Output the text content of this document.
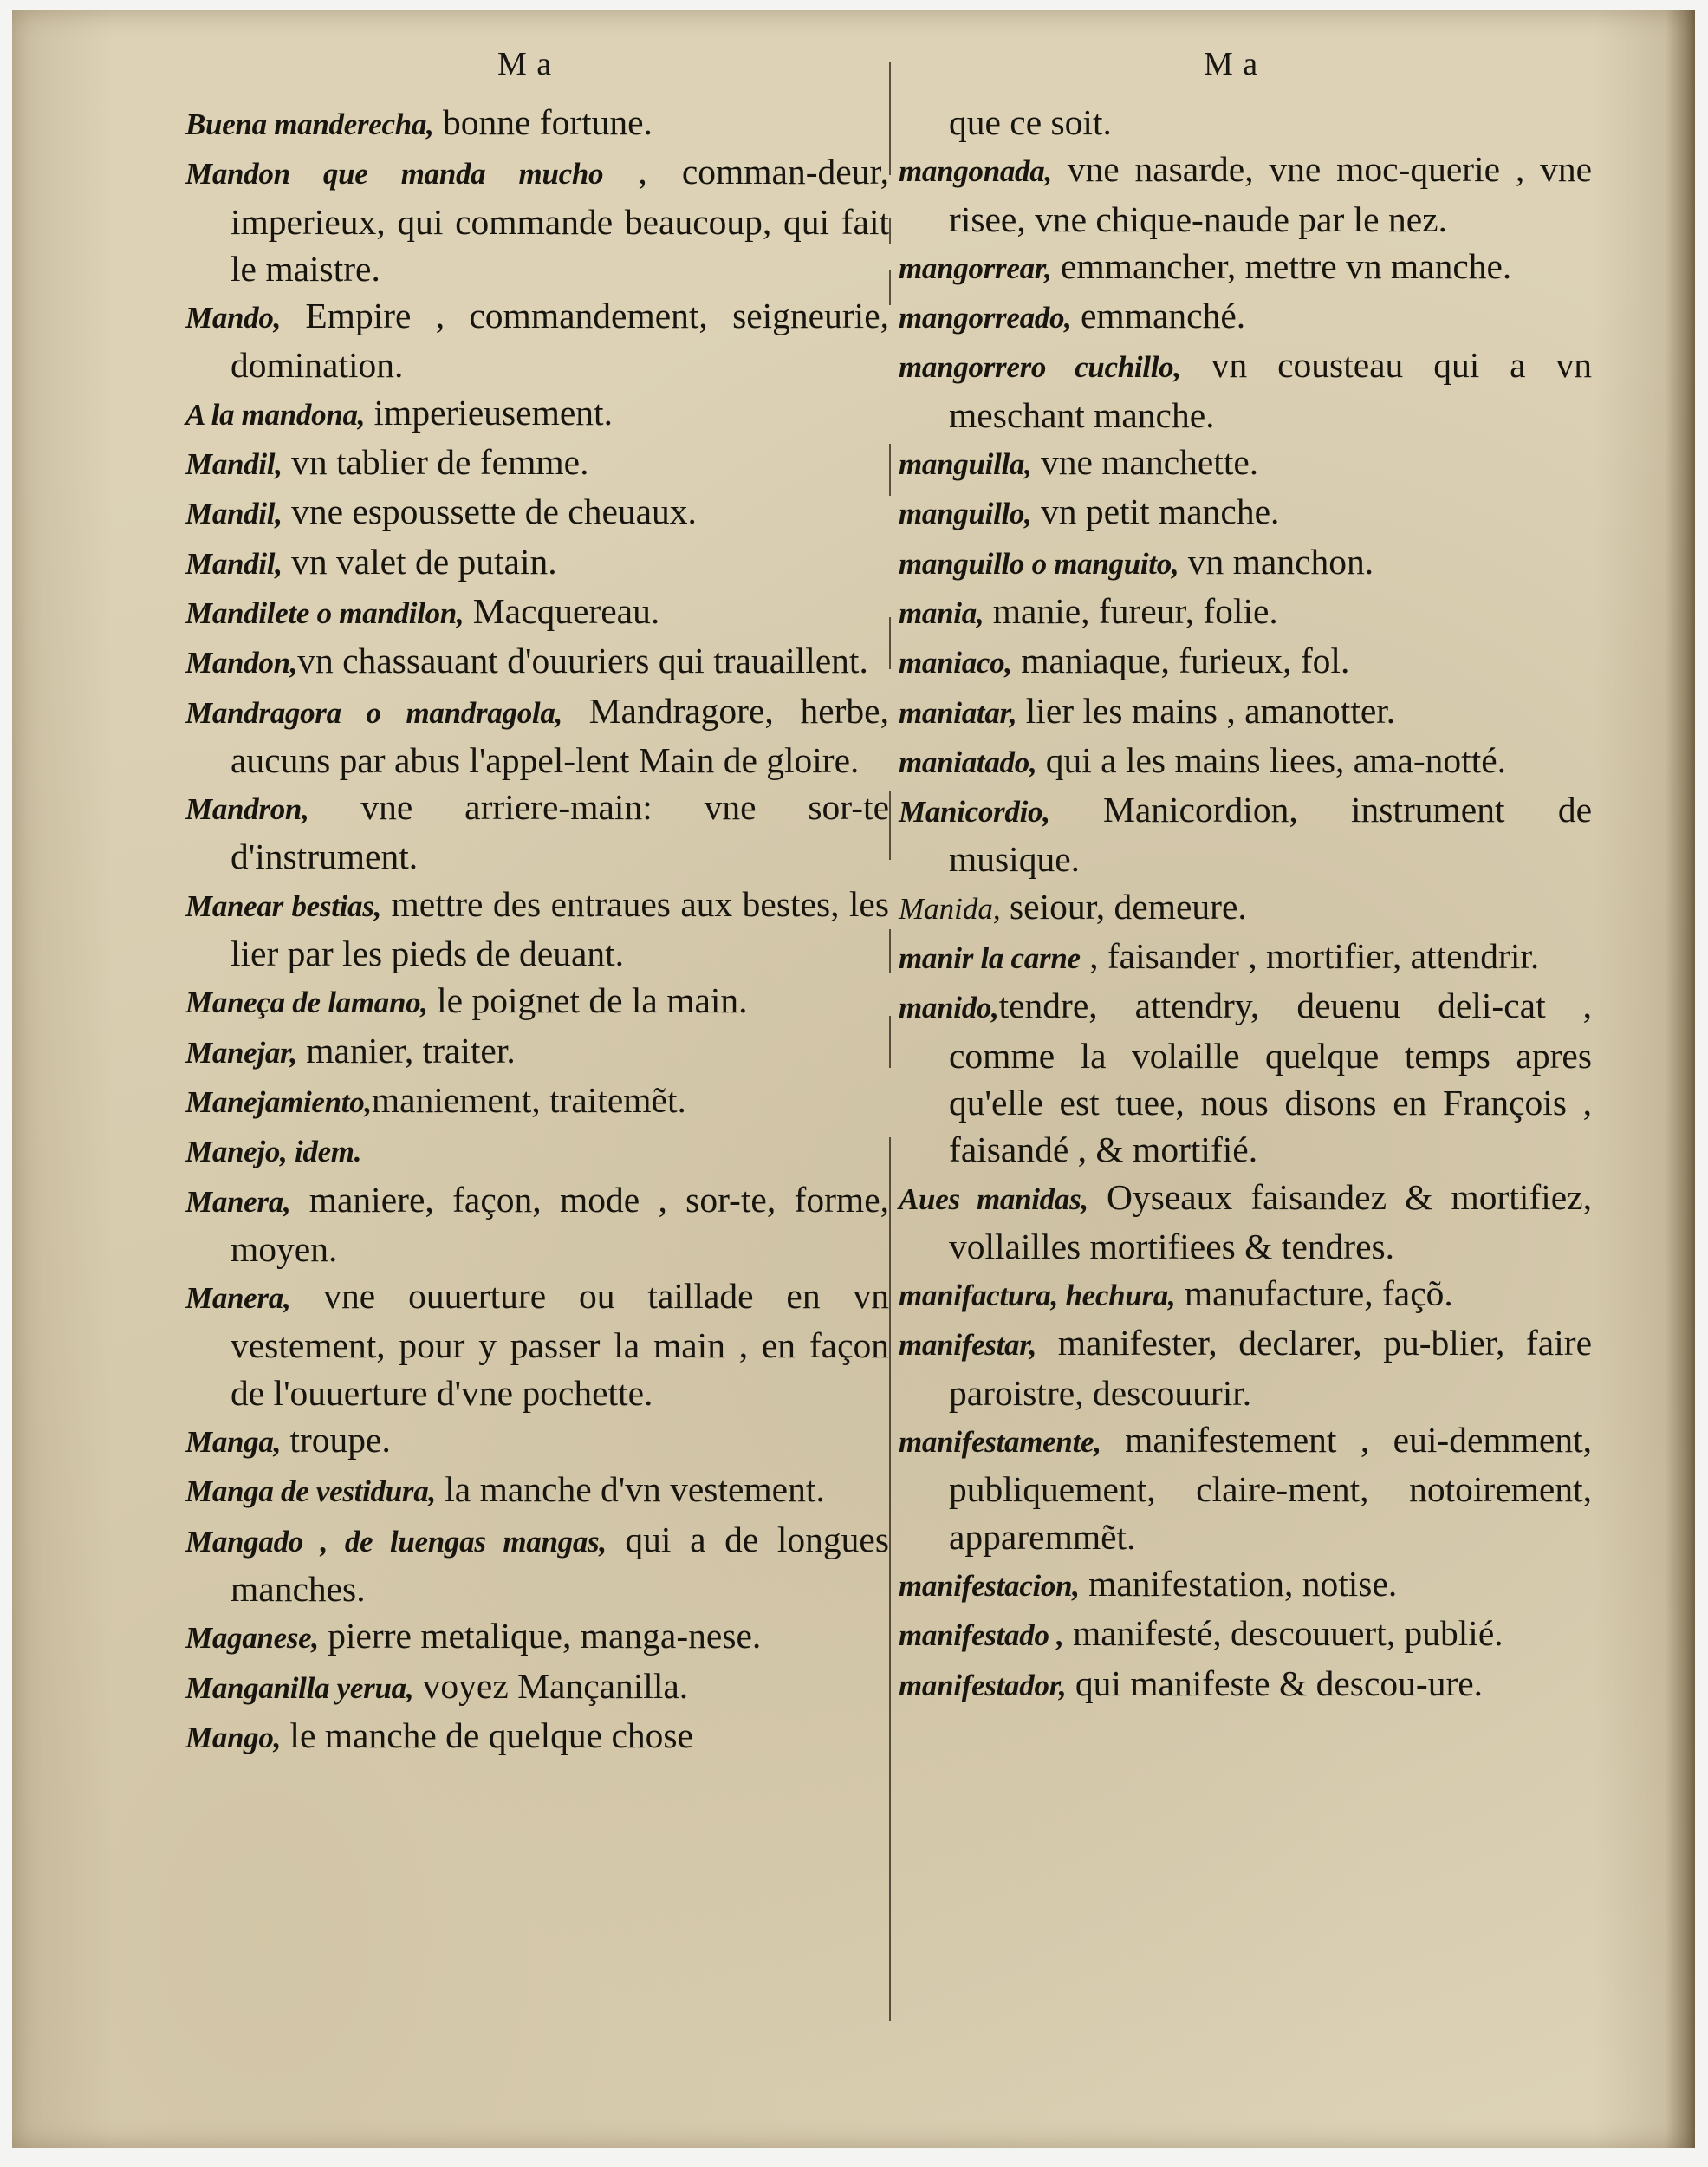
M a	M a
Buena manderecha, bonne fortune.
Mandon que manda mucho , comman-deur, imperieux, qui commande beaucoup, qui fait le maistre.
Mando, Empire , commandement, seigneurie, domination.
A la mandona, imperieusement.
Mandil, vn tablier de femme.
Mandil, vne espoussette de cheuaux.
Mandil, vn valet de putain.
Mandilete o mandilon, Macquereau.
Mandon,vn chassauant d'ouuriers qui trauaillent.
Mandragora o mandragola, Mandragore, herbe, aucuns par abus l'appel-lent Main de gloire.
Mandron, vne arriere-main: vne sor-te d'instrument.
Manear bestias, mettre des entraues aux bestes, les lier par les pieds de deuant.
Maneça de lamano, le poignet de la main.
Manejar, manier, traiter.
Manejamiento,maniement, traitemẽt.
Manejo, idem.
Manera, maniere, façon, mode , sor-te, forme, moyen.
Manera, vne ouuerture ou taillade en vn vestement, pour y passer la main , en façon de l'ouuerture d'vne pochette.
Manga, troupe.
Manga de vestidura, la manche d'vn vestement.
Mangado , de luengas mangas, qui a de longues manches.
Maganese, pierre metalique, manga-nese.
Manganilla yerua, voyez Mançanilla.
Mango, le manche de quelque chose
que ce soit.
mangonada, vne nasarde, vne moc-querie , vne risee, vne chique-naude par le nez.
mangorrear, emmancher, mettre vn manche.
mangorreado, emmanché.
mangorrero cuchillo, vn cousteau qui a vn meschant manche.
manguilla, vne manchette.
manguillo, vn petit manche.
manguillo o manguito, vn manchon.
mania, manie, fureur, folie.
maniaco, maniaque, furieux, fol.
maniatar, lier les mains , amanotter.
maniatado, qui a les mains liees, ama-notté.
Manicordio, Manicordion, instrument de musique.
Manida, seiour, demeure.
manir la carne , faisander , mortifier, attendrir.
manido,tendre, attendry, deuenu deli-cat , comme la volaille quelque temps apres qu'elle est tuee, nous disons en François , faisandé , & mortifié.
Aues manidas, Oyseaux faisandez & mortifiez, vollailles mortifiees & tendres.
manifactura, hechura, manufacture, façõ.
manifestar, manifester, declarer, pu-blier, faire paroistre, descouurir.
manifestamente, manifestement , eui-demment, publiquement, claire-ment, notoirement, apparemmẽt.
manifestacion, manifestation, notise.
manifestado , manifesté, descouuert, publié.
manifestador, qui manifeste & descou-ure.
